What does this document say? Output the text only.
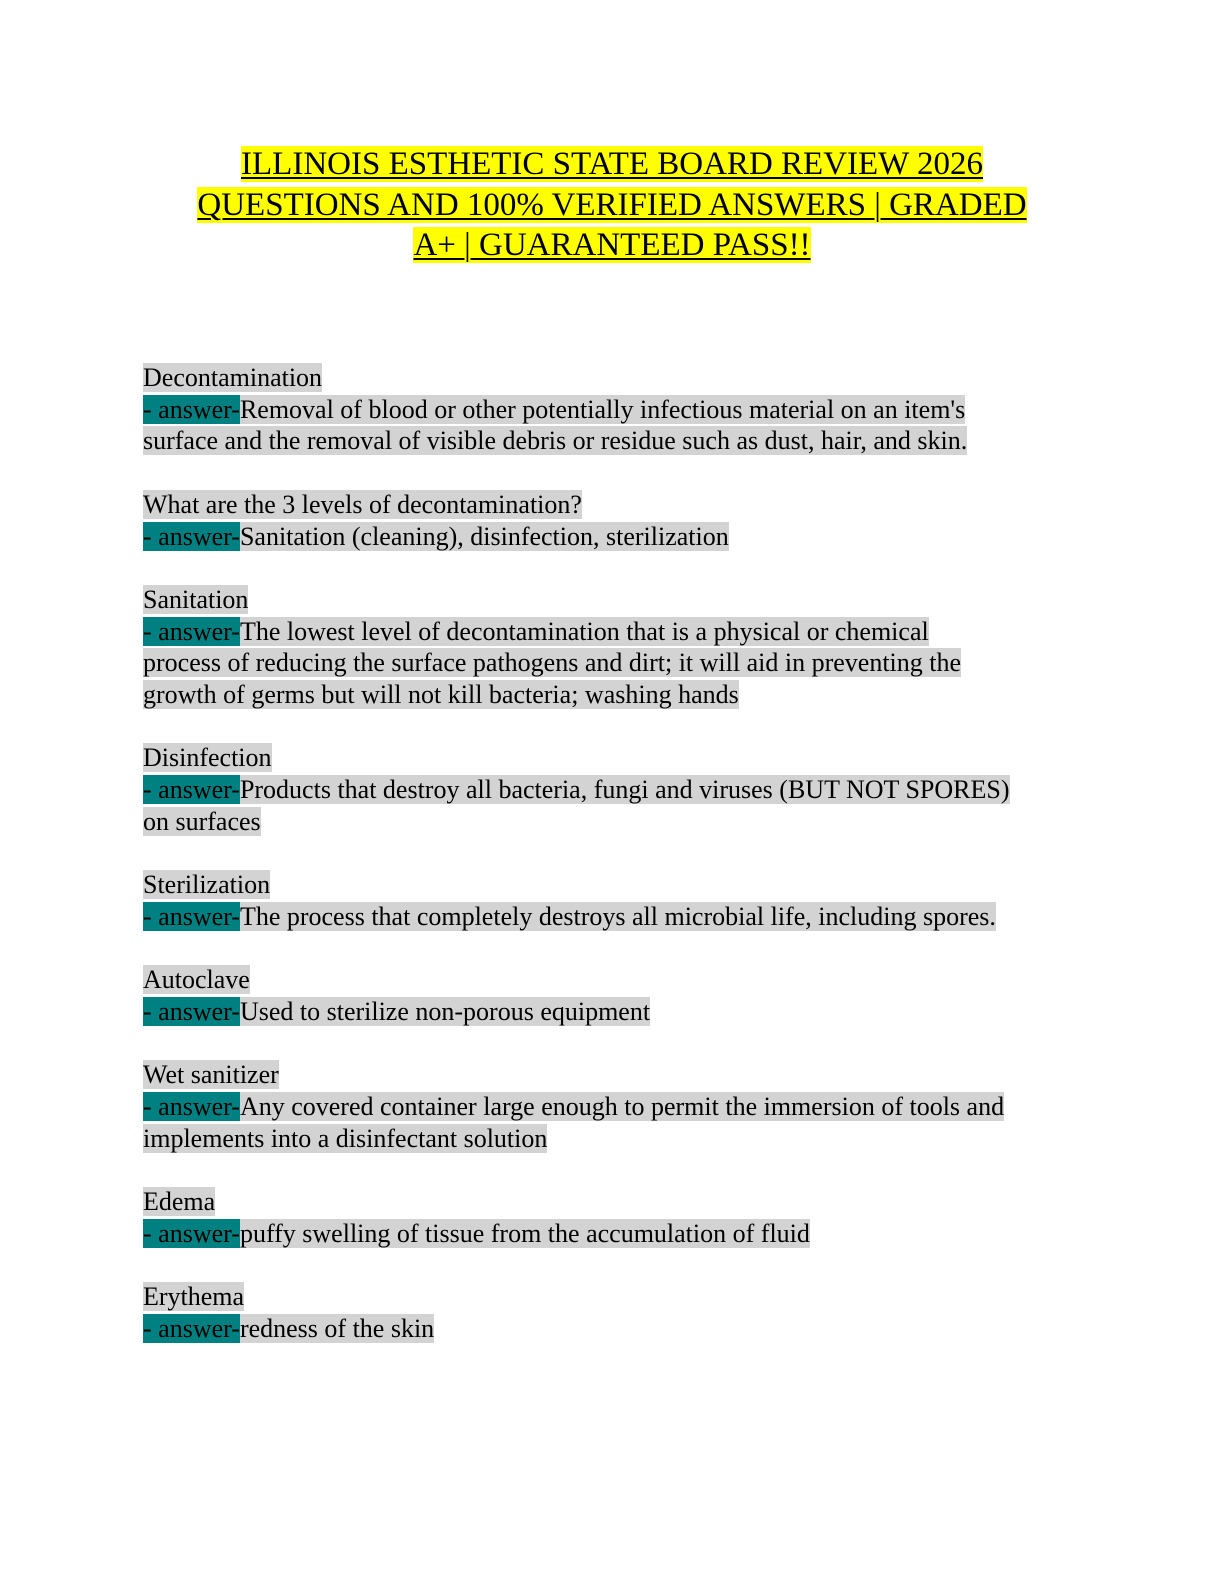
ILLINOIS ESTHETIC STATE BOARD REVIEW 2026
QUESTIONS AND 100% VERIFIED ANSWERS | GRADED
A+ | GUARANTEED PASS!!
Decontamination
- answer-Removal of blood or other potentially infectious material on an item's
surface and the removal of visible debris or residue such as dust, hair, and skin.
What are the 3 levels of decontamination?
- answer-Sanitation (cleaning), disinfection, sterilization
Sanitation
- answer-The lowest level of decontamination that is a physical or chemical
process of reducing the surface pathogens and dirt; it will aid in preventing the
growth of germs but will not kill bacteria; washing hands
Disinfection
- answer-Products that destroy all bacteria, fungi and viruses (BUT NOT SPORES)
on surfaces
Sterilization
- answer-The process that completely destroys all microbial life, including spores.
Autoclave
- answer-Used to sterilize non-porous equipment
Wet sanitizer
- answer-Any covered container large enough to permit the immersion of tools and
implements into a disinfectant solution
Edema
- answer-puffy swelling of tissue from the accumulation of fluid
Erythema
- answer-redness of the skin
